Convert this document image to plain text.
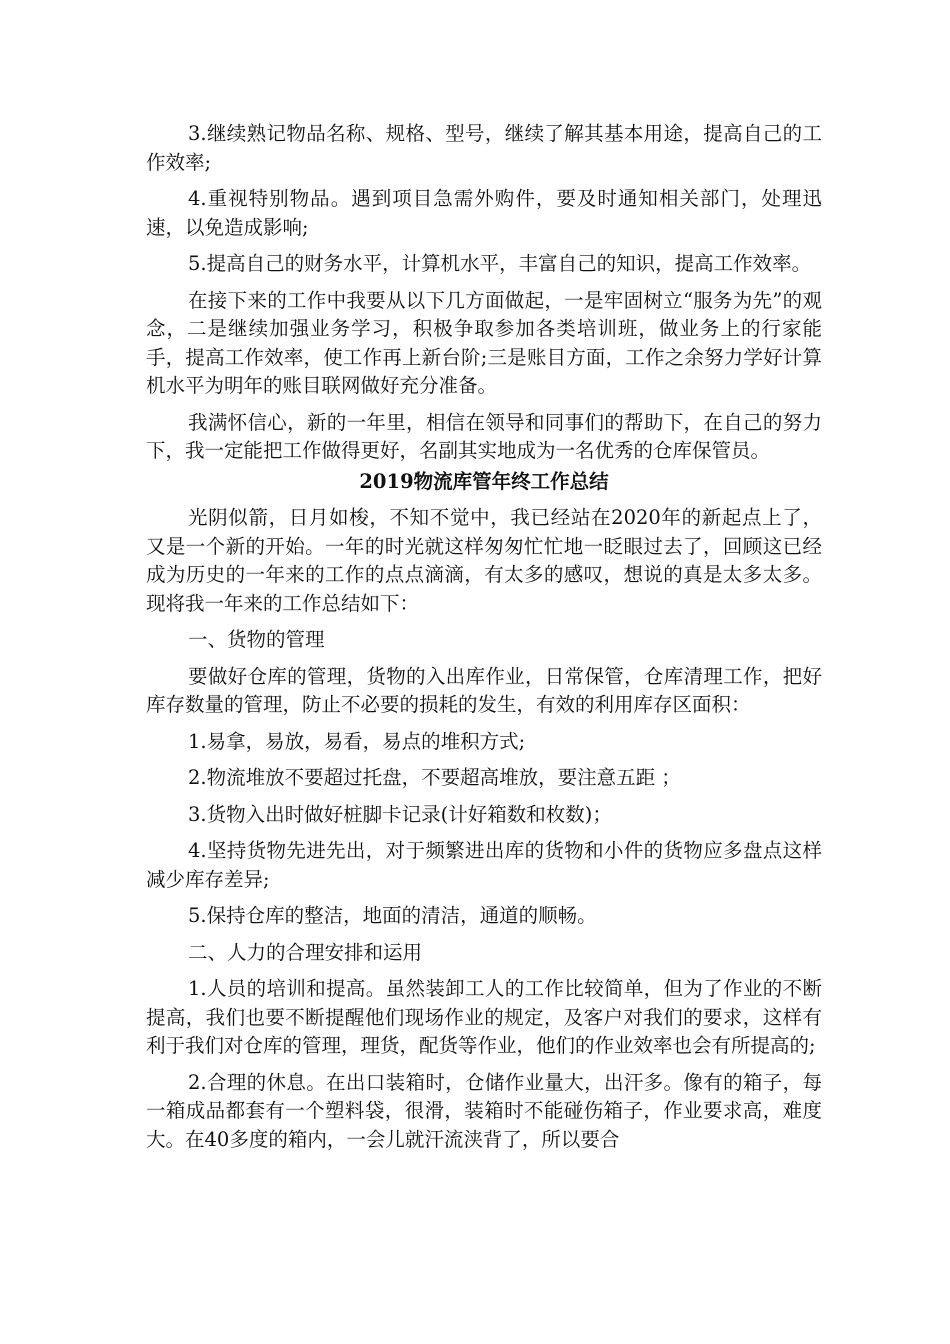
3.继续熟记物品名称、规格、型号，继续了解其基本用途，提高自己的工作效率;

4.重视特别物品。遇到项目急需外购件，要及时通知相关部门，处理迅速，以免造成影响;

5.提高自己的财务水平，计算机水平，丰富自己的知识，提高工作效率。

在接下来的工作中我要从以下几方面做起，一是牢固树立“服务为先”的观念，二是继续加强业务学习，积极争取参加各类培训班，做业务上的行家能手，提高工作效率，使工作再上新台阶;三是账目方面，工作之余努力学好计算机水平为明年的账目联网做好充分准备。

我满怀信心，新的一年里，相信在领导和同事们的帮助下，在自己的努力下，我一定能把工作做得更好，名副其实地成为一名优秀的仓库保管员。

2019物流库管年终工作总结

光阴似箭，日月如梭，不知不觉中，我已经站在2020年的新起点上了，又是一个新的开始。一年的时光就这样匆匆忙忙地一眨眼过去了，回顾这已经成为历史的一年来的工作的点点滴滴，有太多的感叹，想说的真是太多太多。现将我一年来的工作总结如下：

一、货物的管理

要做好仓库的管理，货物的入出库作业，日常保管，仓库清理工作，把好库存数量的管理，防止不必要的损耗的发生，有效的利用库存区面积：

1.易拿，易放，易看，易点的堆积方式;

2.物流堆放不要超过托盘，不要超高堆放，要注意五距 ；

3.货物入出时做好桩脚卡记录(计好箱数和枚数)；

4.坚持货物先进先出，对于频繁进出库的货物和小件的货物应多盘点这样减少库存差异;

5.保持仓库的整洁，地面的清洁，通道的顺畅。

二、人力的合理安排和运用

1.人员的培训和提高。虽然装卸工人的工作比较简单，但为了作业的不断提高，我们也要不断提醒他们现场作业的规定，及客户对我们的要求，这样有利于我们对仓库的管理，理货，配货等作业，他们的作业效率也会有所提高的;

2.合理的休息。在出口装箱时，仓储作业量大，出汗多。像有的箱子，每一箱成品都套有一个塑料袋，很滑，装箱时不能碰伤箱子，作业要求高，难度大。在40多度的箱内，一会儿就汗流浃背了，所以要合
